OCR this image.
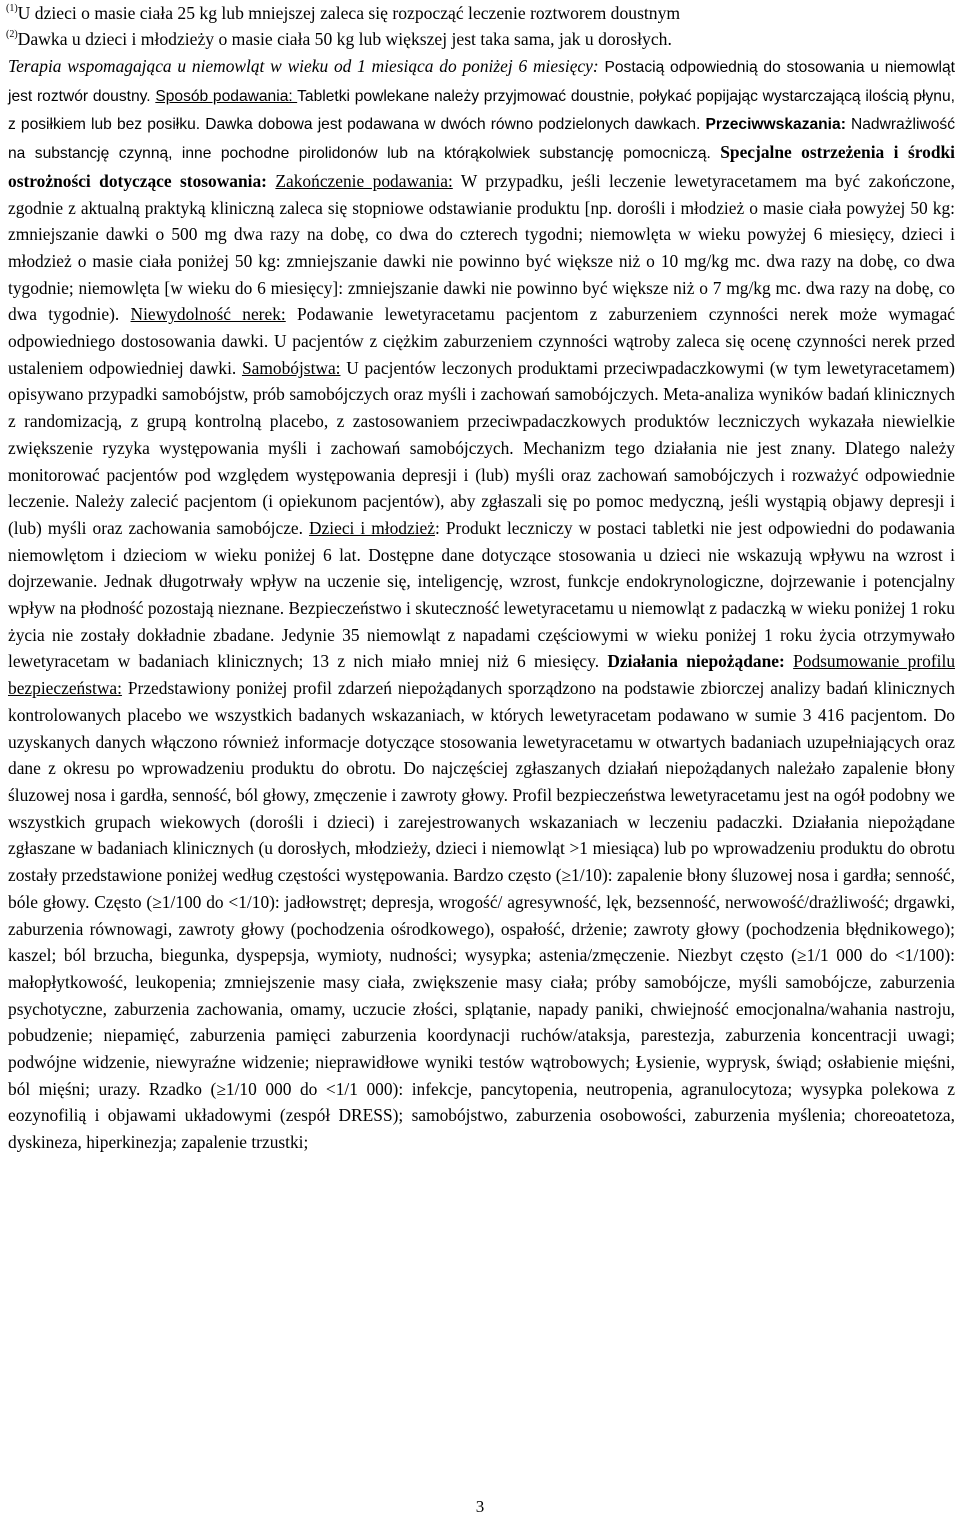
$^{(1)}$U dzieci o masie ciała 25 kg lub mniejszej zaleca się rozpocząć leczenie roztworem doustnym
$^{(2)}$Dawka u dzieci i młodzieży o masie ciała 50 kg lub większej jest taka sama, jak u dorosłych.
Terapia wspomagająca u niemowląt w wieku od 1 miesiąca do poniżej 6 miesięcy: Postacią odpowiednią do stosowania u niemowląt jest roztwór doustny. Sposób podawania: Tabletki powlekane należy przyjmować doustnie, połykać popijając wystarczającą ilością płynu, z posiłkiem lub bez posiłku. Dawka dobowa jest podawana w dwóch równo podzielonych dawkach. Przeciwwskazania: Nadwrażliwość na substancję czynną, inne pochodne pirolidonów lub na którąkolwiek substancję pomocniczą. Specjalne ostrzeżenia i środki ostrożności dotyczące stosowania: Zakończenie podawania: W przypadku, jeśli leczenie lewetyracetamem ma być zakończone, zgodnie z aktualną praktyką kliniczną zaleca się stopniowe odstawianie produktu [np. dorośli i młodzież o masie ciała powyżej 50 kg: zmniejszanie dawki o 500 mg dwa razy na dobę, co dwa do czterech tygodni; niemowlęta w wieku powyżej 6 miesięcy, dzieci i młodzież o masie ciała poniżej 50 kg: zmniejszanie dawki nie powinno być większe niż o 10 mg/kg mc. dwa razy na dobę, co dwa tygodnie; niemowlęta [w wieku do 6 miesięcy]: zmniejszanie dawki nie powinno być większe niż o 7 mg/kg mc. dwa razy na dobę, co dwa tygodnie). Niewydolność nerek: Podawanie lewetyracetamu pacjentom z zaburzeniem czynności nerek może wymagać odpowiedniego dostosowania dawki. U pacjentów z ciężkim zaburzeniem czynności wątroby zaleca się ocenę czynności nerek przed ustaleniem odpowiedniej dawki. Samobójstwa: U pacjentów leczonych produktami przeciwpadaczkowymi (w tym lewetyracetamem) opisywano przypadki samobójstw, prób samobójczych oraz myśli i zachowań samobójczych. Meta-analiza wyników badań klinicznych z randomizacją, z grupą kontrolną placebo, z zastosowaniem przeciwpadaczkowych produktów leczniczych wykazała niewielkie zwiększenie ryzyka występowania myśli i zachowań samobójczych. Mechanizm tego działania nie jest znany. Dlatego należy monitorować pacjentów pod względem występowania depresji i (lub) myśli oraz zachowań samobójczych i rozważyć odpowiednie leczenie. Należy zalecić pacjentom (i opiekunom pacjentów), aby zgłaszali się po pomoc medyczną, jeśli wystąpią objawy depresji i (lub) myśli oraz zachowania samobójcze. Dzieci i młodzież: Produkt leczniczy w postaci tabletki nie jest odpowiedni do podawania niemowlętom i dzieciom w wieku poniżej 6 lat. Dostępne dane dotyczące stosowania u dzieci nie wskazują wpływu na wzrost i dojrzewanie. Jednak długotrwały wpływ na uczenie się, inteligencję, wzrost, funkcje endokrynologiczne, dojrzewanie i potencjalny wpływ na płodność pozostają nieznane. Bezpieczeństwo i skuteczność lewetyracetamu u niemowląt z padaczką w wieku poniżej 1 roku życia nie zostały dokładnie zbadane. Jedynie 35 niemowląt z napadami częściowymi w wieku poniżej 1 roku życia otrzymywało lewetyracetam w badaniach klinicznych; 13 z nich miało mniej niż 6 miesięcy. Działania niepożądane: Podsumowanie profilu bezpieczeństwa: Przedstawiony poniżej profil zdarzeń niepożądanych sporządzono na podstawie zbiorczej analizy badań klinicznych kontrolowanych placebo we wszystkich badanych wskazaniach, w których lewetyracetam podawano w sumie 3 416 pacjentom. Do uzyskanych danych włączono również informacje dotyczące stosowania lewetyracetamu w otwartych badaniach uzupełniających oraz dane z okresu po wprowadzeniu produktu do obrotu. Do najczęściej zgłaszanych działań niepożądanych należało zapalenie błony śluzowej nosa i gardła, senność, ból głowy, zmęczenie i zawroty głowy. Profil bezpieczeństwa lewetyracetamu jest na ogół podobny we wszystkich grupach wiekowych (dorośli i dzieci) i zarejestrowanych wskazaniach w leczeniu padaczki. Działania niepożądane zgłaszane w badaniach klinicznych (u dorosłych, młodzieży, dzieci i niemowląt >1 miesiąca) lub po wprowadzeniu produktu do obrotu zostały przedstawione poniżej według częstości występowania. Bardzo często (≥1/10): zapalenie błony śluzowej nosa i gardła; senność, bóle głowy. Często (≥1/100 do <1/10): jadłowstręt; depresja, wrogość/ agresywność, lęk, bezsenność, nerwowość/drażliwość; drgawki, zaburzenia równowagi, zawroty głowy (pochodzenia ośrodkowego), ospałość, drżenie; zawroty głowy (pochodzenia błędnikowego); kaszel; ból brzucha, biegunka, dyspepsja, wymioty, nudności; wysypka; astenia/zmęczenie. Niezbyt często (≥1/1 000 do <1/100): małopłytkowość, leukopenia; zmniejszenie masy ciała, zwiększenie masy ciała; próby samobójcze, myśli samobójcze, zaburzenia psychotyczne, zaburzenia zachowania, omamy, uczucie złości, splątanie, napady paniki, chwiejność emocjonalna/wahania nastroju, pobudzenie; niepamięć, zaburzenia pamięci zaburzenia koordynacji ruchów/ataksja, parestezja, zaburzenia koncentracji uwagi; podwójne widzenie, niewyraźne widzenie; nieprawidłowe wyniki testów wątrobowych; Łysienie, wyprysk, świąd; osłabienie mięśni, ból mięśni; urazy. Rzadko (≥1/10 000 do <1/1 000): infekcje, pancytopenia, neutropenia, agranulocytoza; wysypka polekowa z eozynofilią i objawami układowymi (zespół DRESS); samobójstwo, zaburzenia osobowości, zaburzenia myślenia; choreoatetoza, dyskineza, hiperkinezja; zapalenie trzustki;
3
